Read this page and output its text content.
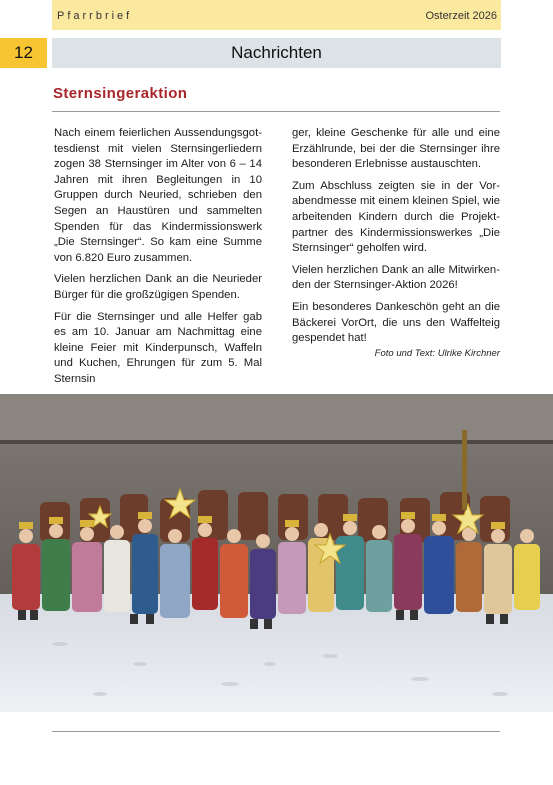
Pfarrbrief	Osterzeit 2026
12	Nachrichten
Sternsingeraktion

Nach einem feierlichen Aussendungsgottesdienst mit vielen Sternsingerliedern zogen 38 Sternsinger im Alter von 6 – 14 Jahren mit ihren Begleitungen in 10 Gruppen durch Neuried, schrieben den Segen an Haustüren und sammelten Spenden für das Kindermissionswerk „Die Sternsinger“. So kam eine Summe von 6.820 Euro zusammen.

Vielen herzlichen Dank an die Neurieder Bürger für die großzügigen Spenden.

Für die Sternsinger und alle Helfer gab es am 10. Januar am Nachmittag eine kleine Feier mit Kinderpunsch, Waffeln und Kuchen, Ehrungen für zum 5. Mal Sternsin

ger, kleine Geschenke für alle und eine Erzählrunde, bei der die Sternsinger ihre besonderen Erlebnisse austauschten.

Zum Abschluss zeigten sie in der Vorabendmesse mit einem kleinen Spiel, wie arbeitenden Kindern durch die Projektpartner des Kindermissionswerkes „Die Sternsinger“ geholfen wird.

Vielen herzlichen Dank an alle Mitwirkenden der Sternsinger-Aktion 2026!

Ein besonderes Dankeschön geht an die Bäckerei VorOrt, die uns den Waffelteig gespendet hat!

Foto und Text: Ulrike Kirchner
